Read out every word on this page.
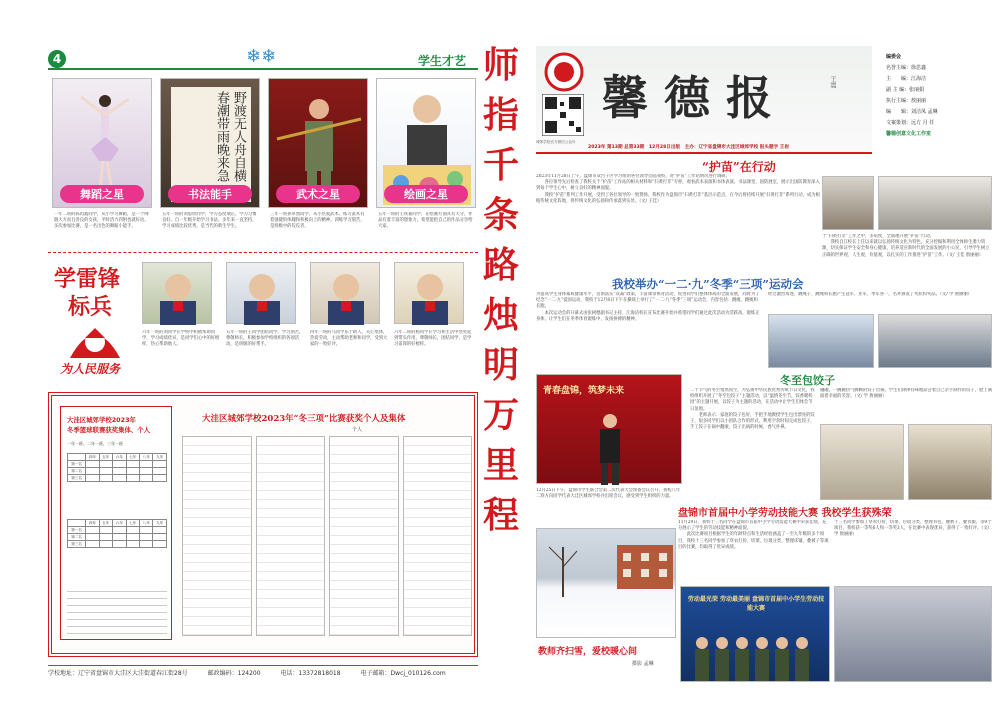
4	❄❄	学生才艺
野渡无人舟自横 春潮带雨晚来急
舞蹈之星	书法能手	武术之星	绘画之星
一年二班的陈再鑫同学，从小学习舞蹈，是一个帅烟大方而且善良的女孩，平时活力四射也就好动。多次参加比赛，是一名出色的舞蹈小能手。
五年一班的刘思欣同学，学习态度端正，学习习惯良好。自一年级开始学习书法，多年来一直坚持，学习成绩比较优秀，是当代的新生学生。
三年一班孙卓然同学，从小热爱武术，练习武术有着强健的体魄和积极向上的精神。训练学习刻苦，是班级中的佼佼者。
五年一班的王铁嘉同学，在绘画方面具有天分，作品有着丰富的想象力，希望能把自己的作品分享给大家。
学雷锋
标兵
为人民服务
六年一班的刘同学在学校中积极帮助同学，学习成绩优异，是同学们心中的好榜样，热心帮助他人。
五年一班的王同学团结同学，学习刻苦，尊敬师长，积极参加学校组织的各项活动，是班级的好帮手。
四年一班的马同学乐于助人，关心集体，热爱劳动，主动帮助老师和同学，受到大家的一致好评。
六年二班的杨同学在学习和生活中处处起到带头作用，尊敬师长，团结同学，是学习雷锋的好榜样。
大洼区城郊学校2023年“冬三项”比赛获奖个人及集体
个人
大洼区城郊学校2023年
冬季篮球联赛获奖集体、个人
一年一班、二年一班、三年一班
	四年	五年	六年	七年	八年	九年
第一名						
第二名						
第三名						
	四年	五年	六年	七年	八年	九年
第一名						
第二名						
第三名						
学校地址：辽宁省盘锦市大洼区大洼街道春江街28号	邮政编码：124200	电话：13372818018	电子邮箱：Dwcj_010126.com
师
指
千
条
路
烛
明
万
里
程
城郊学校官方微信公众号
馨德报	王震
2023年 第13期 总第33期　12月28日出版　主办：辽宁省盘锦市大洼区城郊学校 报头题字 王岩
编委会
名誉主编：徐思鑫
主　　编：江海洁
副 主 编：张丽娟
执行主编：敖丽丽
编　　辑：刘洁凤 孟琳
文案策划：远方 月 任
馨德创意文化工作室
“护苗”在行动
2023年11月28日上午，盘锦市双台子区学习组的各位领导莅临我校，对“护苗”工作站情况进行调研。
　　各位领导先后检查了我校关于“护苗”工作站的相关材料和“扫黄打非”专柜，观看武术表演和书体表演，书法课堂，国防展室，展示出国防教育深入到每个学生心中，树立良好的精神面貌。
　　我校“护苗”系列工作开展，受到了各位领导的一致赞扬。我校作为盘锦市“扫黄打非”基层示范点，在今后将持续开展“扫黄打非”系列行动，成为根植传统文化阵地，将传统文化的弘扬和传承落到实处。（文/ 王佳）
于“扫黄打非”工作之中，多角度、全面地开展“护苗”行动。
　　我校自江校长上任以来就以弘扬传统文化为特色，充分挖掘和利用全体师生潜力资源，切实保证学生安全和身心健康，培养适应新时代的全面发展的小公民，引导学生树立正确的世界观、人生观、价值观，以扎实的工作推进“护苗”工作。（文/ 王佳 敖丽丽）
我校举办“一二·九”冬季“三项”运动会
为提高学生身体素质健康水平，贯彻落实“双减”政策，丰富课余体育活动，促进同学们整体体质的全面发展，同时为了纪念“一二·九”爱国运动，我校于12月8日下午在操场上举行了“一二·九”冬季“三项”运动会，内容包括：跳绳、跳绳和长跑。
　　本次运动会的开幕式由张树德副书记主持，江海洁校长宣布比赛开始并希望同学们通过此次活动为活跃高，锻炼正身体，让学生们在冬季体育锻炼中，发扬拼搏的精神。
经过激烈角逐，跳绳子、跳绳和长跑产生冠军、亚军、季军各一，名并颁发了奖状和奖品。（文/ 学 敖丽丽）
青春盘锦，筑梦未来
12月25日下午，盘锦市学生联合会第二次代表大会预备会议召开，我校八年二班方向同学代表大洼区城郊学校并出席会议，感受到学生组织的力量。
冬至包饺子
二十节气的冬至悄然而至，为弘扬中华民族优秀传统节日文化，我校组织开展了“冬至包饺子”主题活动，以“温情冬至节，饺香暖校园”的主题开展，以饺子为主题的活动，在活动中让学生们体会节日氛围。
　　老师表示：家庭的饺子包好，手把手地教授学生包出漂亮的饺子，很多同学们以小团队合作的形式，利用空余时间完成包饺子，手工饺子在锅中翻滚，饺子出锅的时候，香气扑鼻。
融融，一碗碗热气腾腾的饺子出锅，学生们津津有味地品尝着自己亲手制作的饺子，脸上满溢着幸福的笑容。（文/ 学 敖丽丽）
盘锦市首届中小学劳动技能大赛 我校学生获殊荣
11月29日，我校十三名同学在盘锦市首届中小学劳动技能大赛中荣获佳绩，充分展示了学生的劳动技能和精神面貌。
　　此次比赛项目根据学生的年龄特点和生活经验涵盖了一至九年级的多个项目，我校十三名同学参加了穿衣打扮、切菜、垃圾分类、整理床铺、叠被子等项目的比赛，均取得了优异成绩。
十三名同学参加了穿衣打扮、切菜、垃圾分类、整理书包、叠被子、叠衣服、等9个项目，我校获一等奖6人和一等奖3人，在比赛中表现优异，获得了一致好评。（文/ 学 敖丽丽）
教师齐扫雪，爱校暖心间
摄影 孟琳
劳动最光荣 劳动最美丽 盘锦市首届中小学生劳动技能大赛
